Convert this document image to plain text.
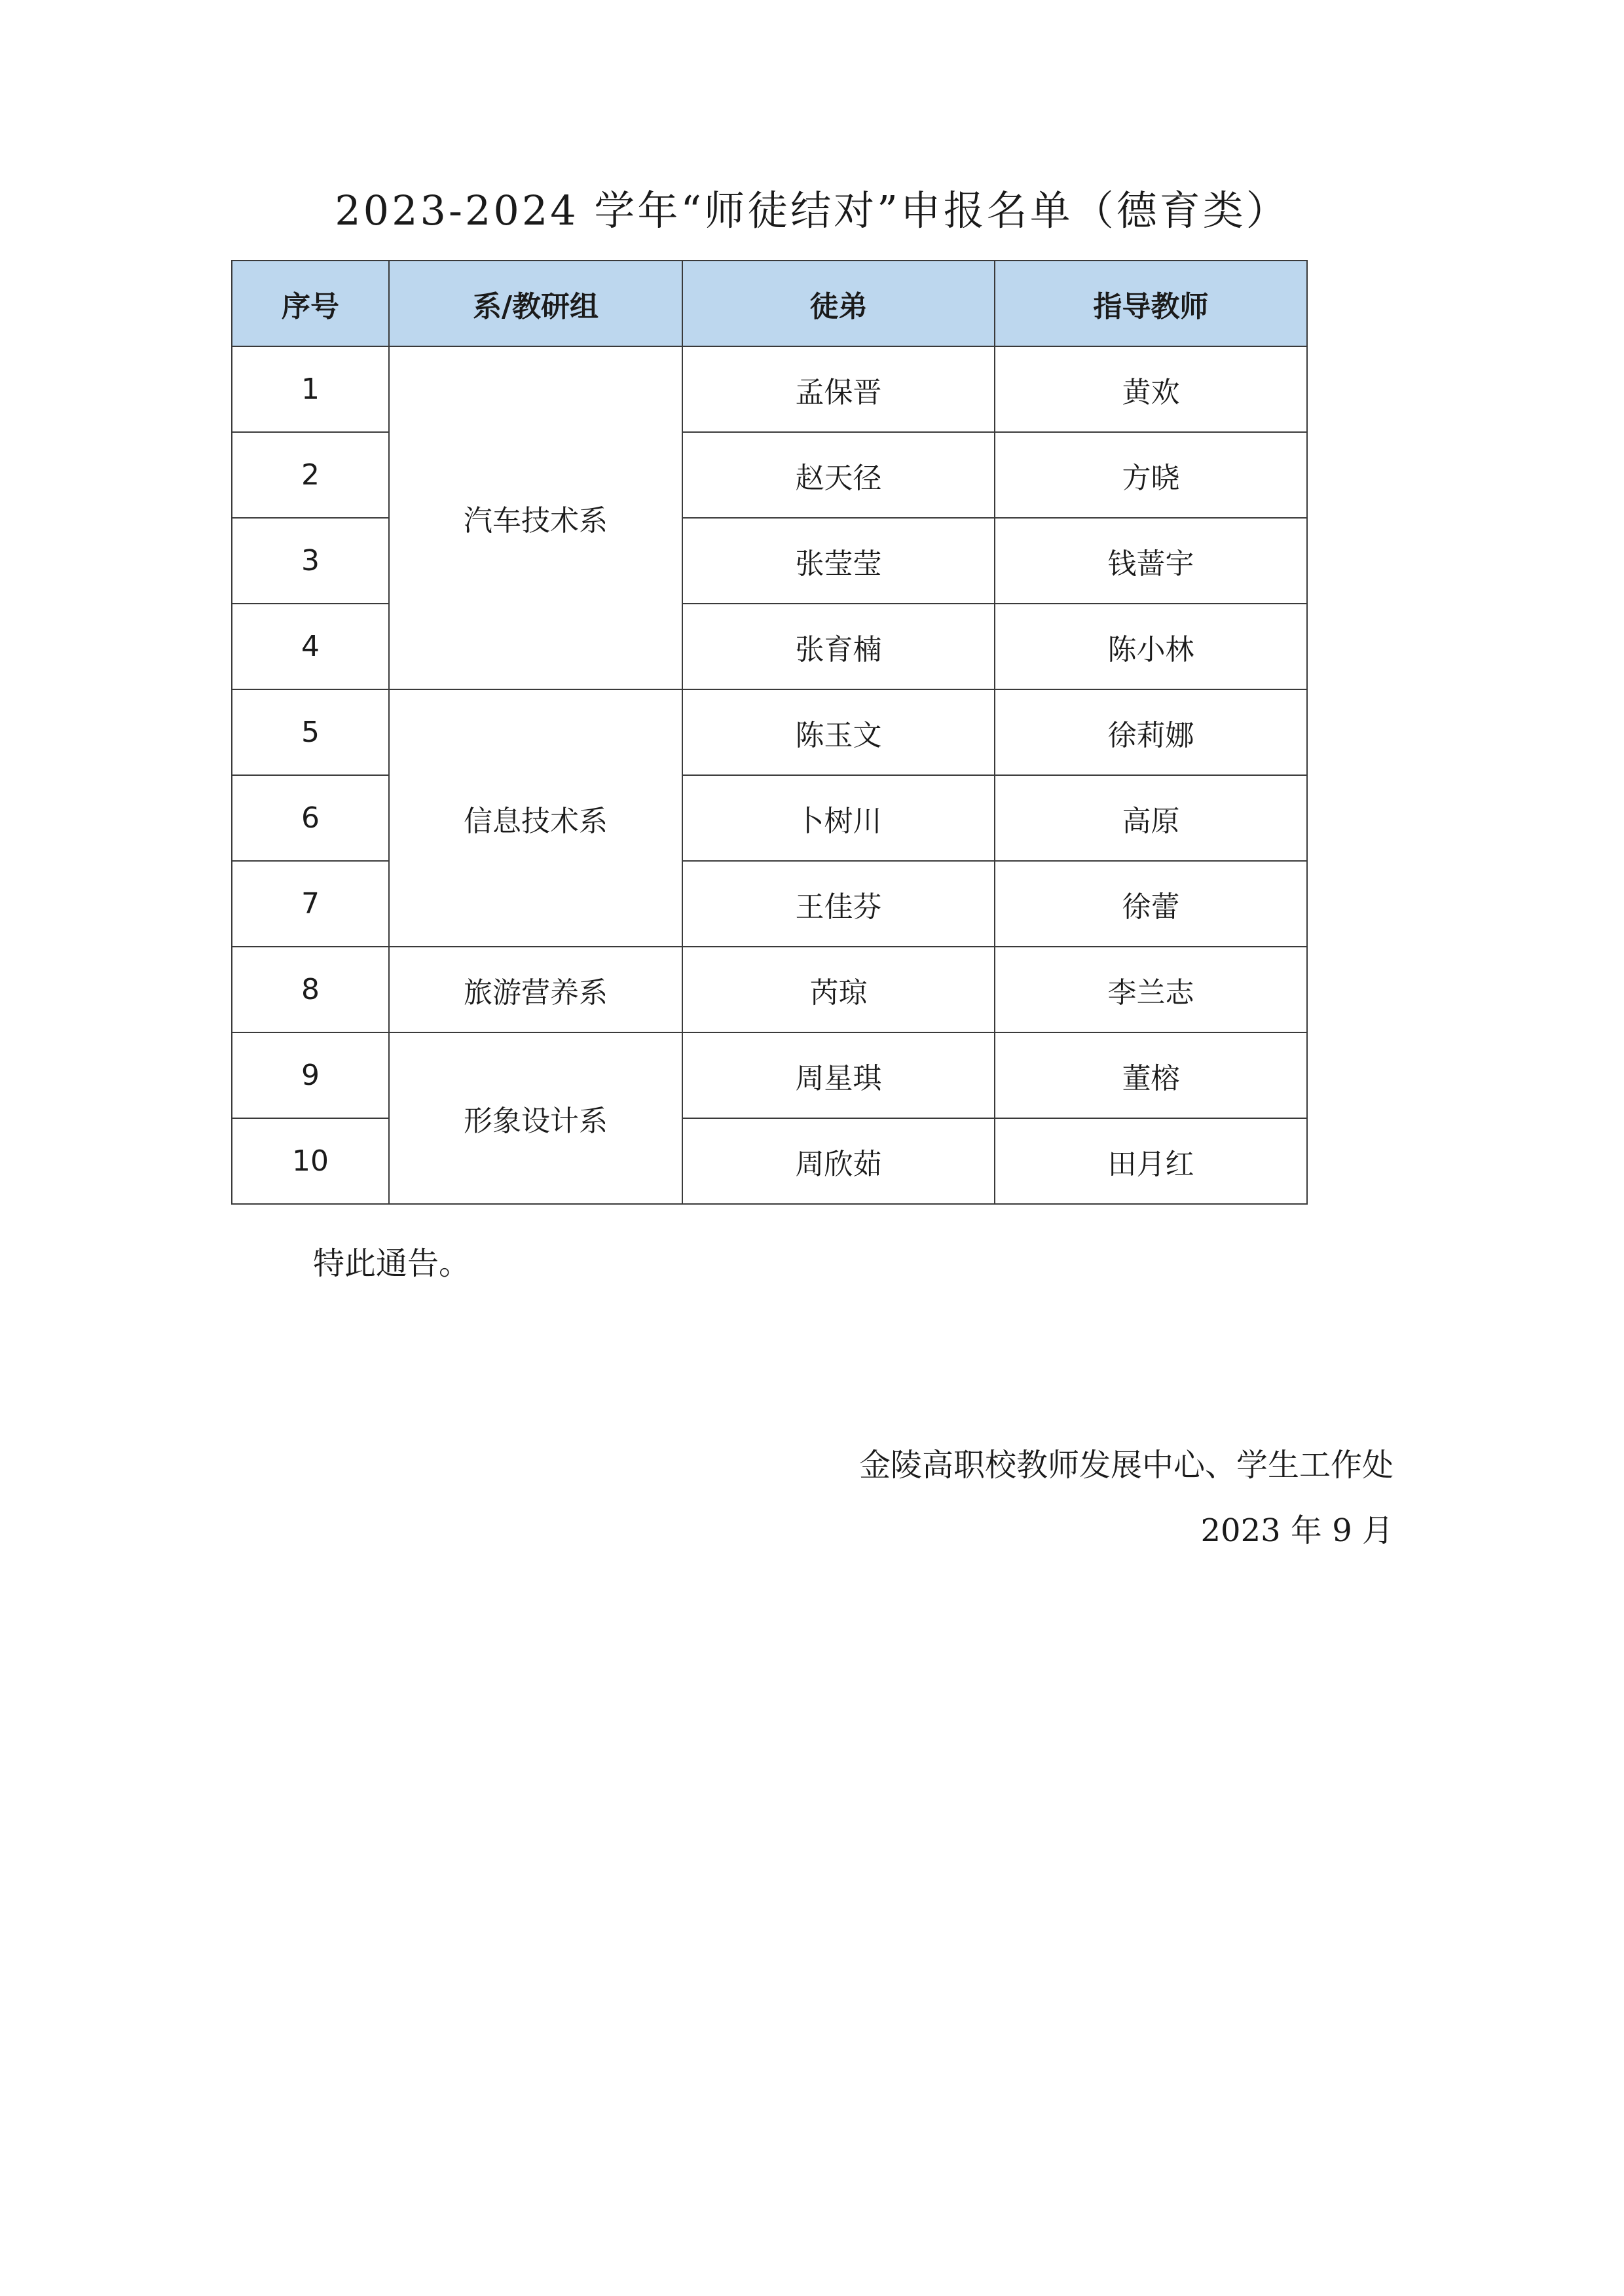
2023-2024 学年“师徒结对”申报名单（德育类）
序号	系/教研组	徒弟	指导教师
1	汽车技术系	孟保晋	黄欢
2		赵天径	方晓
3		张莹莹	钱蔷宇
4		张育楠	陈小林
5	信息技术系	陈玉文	徐莉娜
6		卜树川	高原
7		王佳芬	徐蕾
8	旅游营养系	芮琼	李兰志
9	形象设计系	周星琪	董榕
10		周欣茹	田月红
特此通告。
金陵高职校教师发展中心、学生工作处
2023 年 9 月
